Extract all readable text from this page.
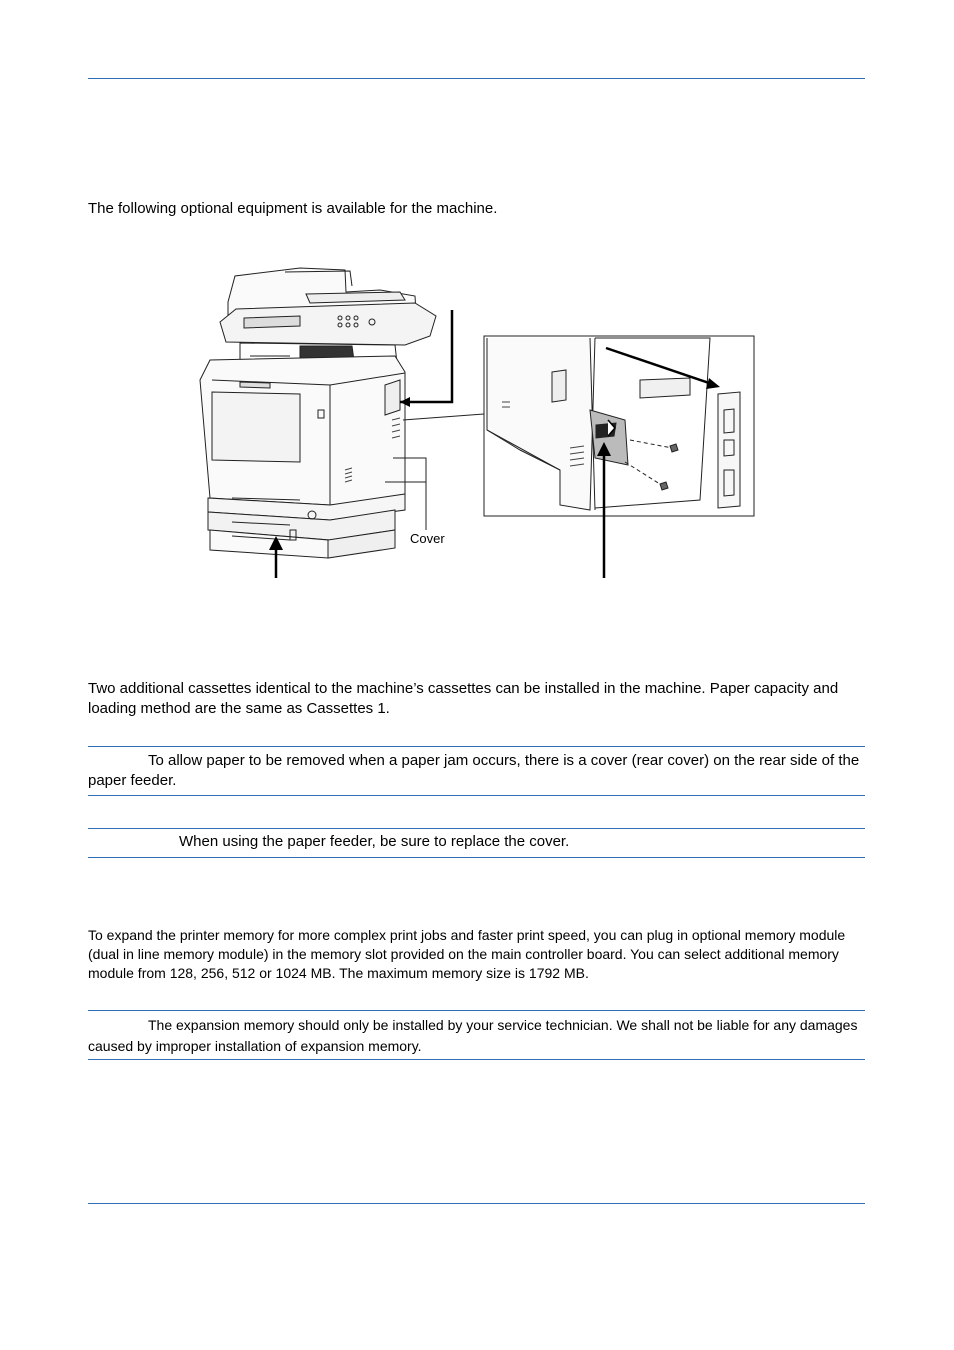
The following optional equipment is available for the machine.

Cover

Two additional cassettes identical to the machine’s cassettes can be installed in the machine. Paper capacity and loading method are the same as Cassettes 1.

To allow paper to be removed when a paper jam occurs, there is a cover (rear cover) on the rear side of the paper feeder.

When using the paper feeder, be sure to replace the cover.

To expand the printer memory for more complex print jobs and faster print speed, you can plug in optional memory module (dual in line memory module) in the memory slot provided on the main controller board. You can select additional memory module from 128, 256, 512 or 1024 MB. The maximum memory size is 1792 MB.

The expansion memory should only be installed by your service technician. We shall not be liable for any damages caused by improper installation of expansion memory.
